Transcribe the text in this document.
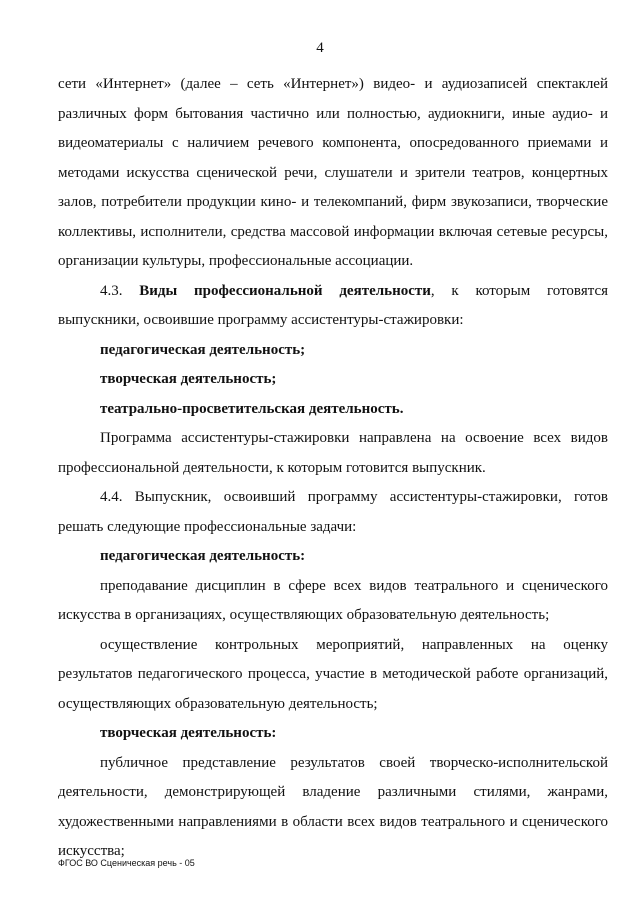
4

сети «Интернет» (далее – сеть «Интернет») видео- и аудиозаписей спектаклей различных форм бытования частично или полностью, аудиокниги, иные аудио- и видеоматериалы с наличием речевого компонента, опосредованного приемами и методами искусства сценической речи, слушатели и зрители театров, концертных залов, потребители продукции кино- и телекомпаний, фирм звукозаписи, творческие коллективы, исполнители, средства массовой информации включая сетевые ресурсы, организации культуры, профессиональные ассоциации.

4.3. Виды профессиональной деятельности, к которым готовятся выпускники, освоившие программу ассистентуры-стажировки:

педагогическая деятельность;

творческая деятельность;

театрально-просветительская деятельность.

Программа ассистентуры-стажировки направлена на освоение всех видов профессиональной деятельности, к которым готовится выпускник.

4.4. Выпускник, освоивший программу ассистентуры-стажировки, готов решать следующие профессиональные задачи:

педагогическая деятельность:

преподавание дисциплин в сфере всех видов театрального и сценического искусства в организациях, осуществляющих образовательную деятельность;

осуществление контрольных мероприятий, направленных на оценку результатов педагогического процесса, участие в методической работе организаций, осуществляющих образовательную деятельность;

творческая деятельность:

публичное представление результатов своей творческо-исполнительской деятельности, демонстрирующей владение различными стилями, жанрами, художественными направлениями в области всех видов театрального и сценического искусства;

ФГОС ВО Сценическая речь - 05
